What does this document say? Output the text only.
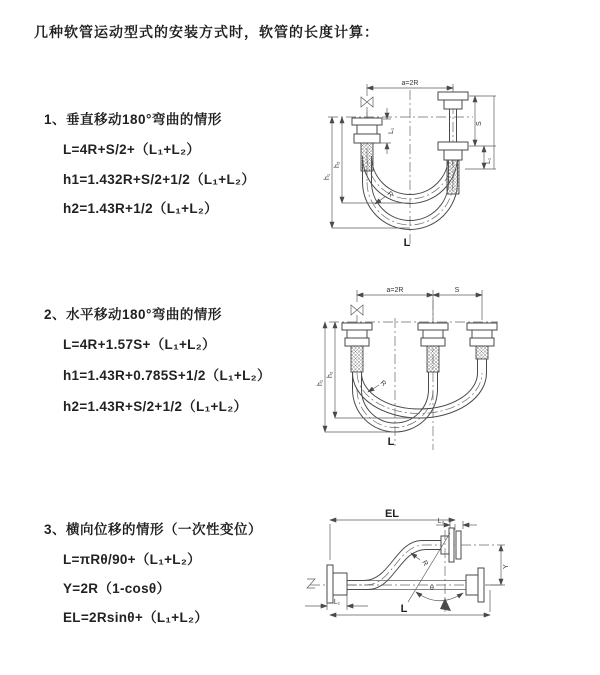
几种软管运动型式的安装方式时，软管的长度计算：
1、垂直移动180°弯曲的情形
L=4R+S/2+（L₁+L₂）
h1=1.432R+S/2+1/2（L₁+L₂）
h2=1.43R+1/2（L₁+L₂）
2、水平移动180°弯曲的情形
L=4R+1.57S+（L₁+L₂）
h1=1.43R+0.785S+1/2（L₁+L₂）
h2=1.43R+S/2+1/2（L₁+L₂）
3、横向位移的情形（一次性变位）
L=πRθ/90+（L₁+L₂）
Y=2R（1-cosθ）
EL=2Rsinθ+（L₁+L₂）
a=2R
L₁
S
L₁
h₁
h₂
R
L
a=2R	S
h₁
h₂
R
L
EL
L₂
Y
L₁
L
R
θ
